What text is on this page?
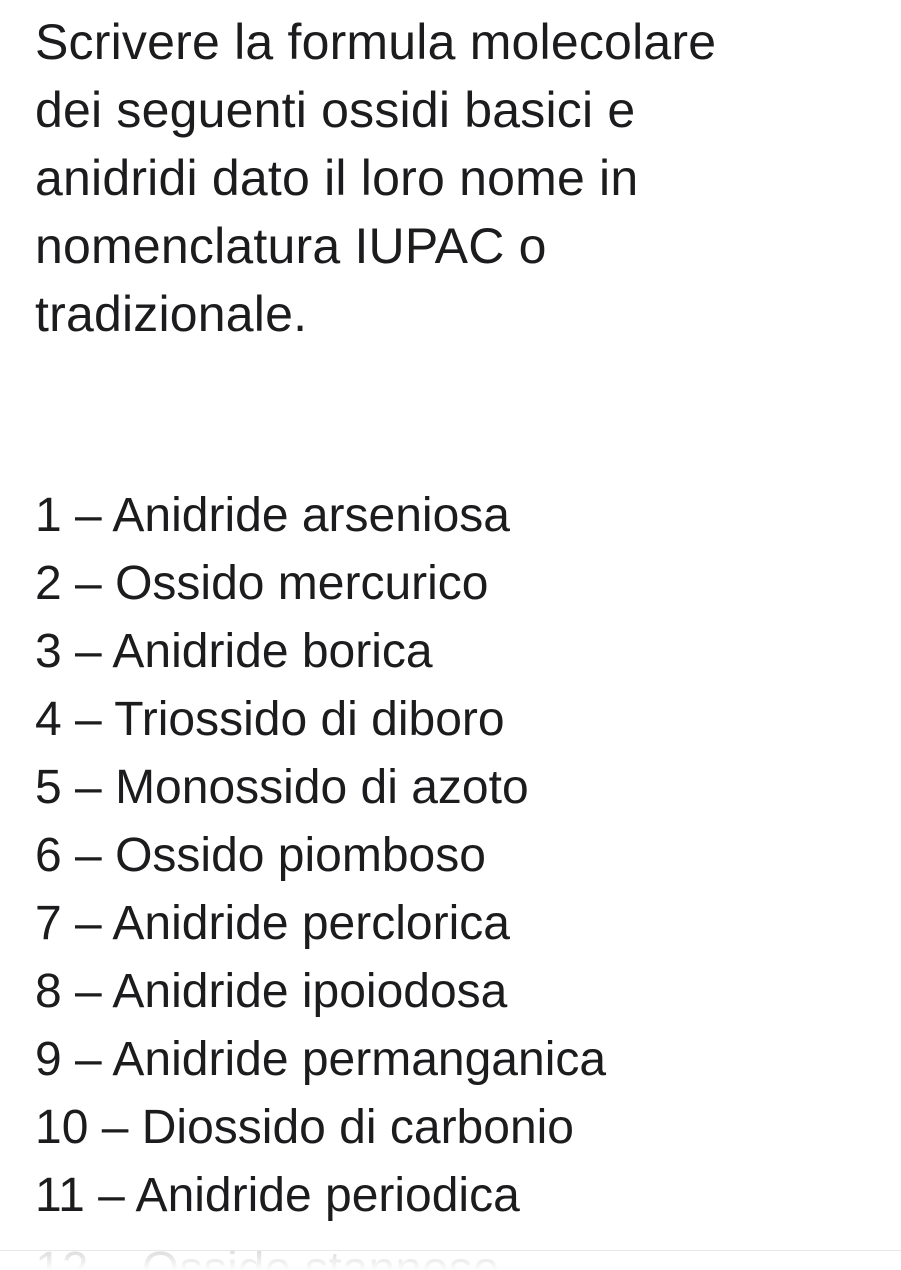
Scrivere la formula molecolare
dei seguenti ossidi basici e
anidridi dato il loro nome in
nomenclatura IUPAC o
tradizionale.

1 – Anidride arseniosa
2 – Ossido mercurico
3 – Anidride borica
4 – Triossido di diboro
5 – Monossido di azoto
6 – Ossido piomboso
7 – Anidride perclorica
8 – Anidride ipoiodosa
9 – Anidride permanganica
10 – Diossido di carbonio
11 – Anidride periodica
